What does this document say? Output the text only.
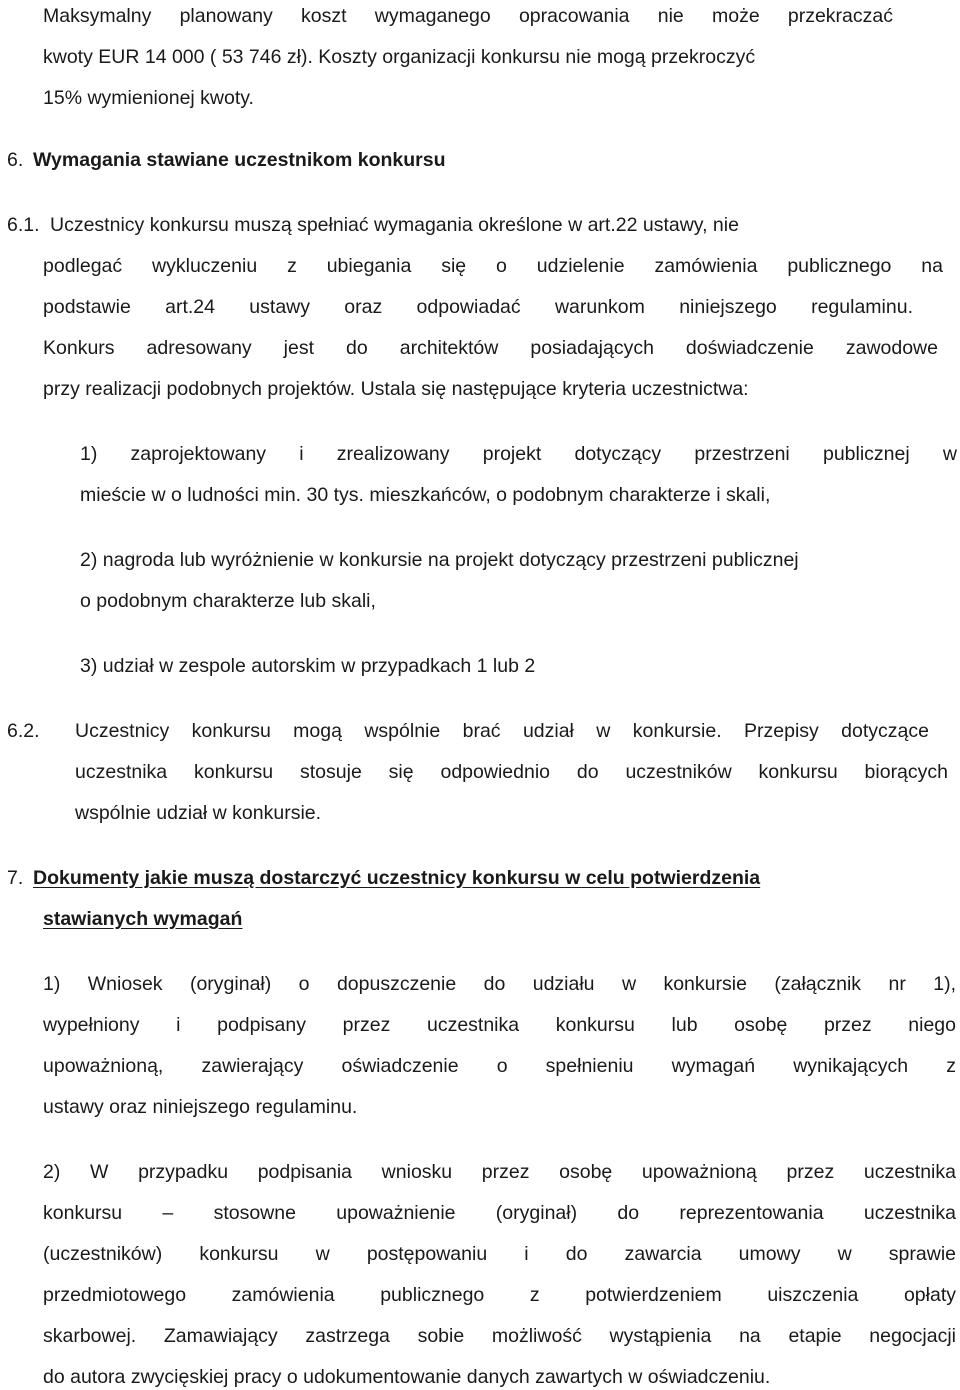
Maksymalny planowany koszt wymaganego opracowania nie może przekraczać
kwoty EUR 14 000 ( 53 746 zł). Koszty organizacji konkursu nie mogą przekroczyć
15% wymienionej kwoty.
6. Wymagania stawiane uczestnikom konkursu
6.1. Uczestnicy konkursu muszą spełniać wymagania określone w art.22 ustawy, nie
podlegać wykluczeniu z ubiegania się o udzielenie zamówienia publicznego na
podstawie art.24 ustawy oraz odpowiadać warunkom niniejszego regulaminu.
Konkurs adresowany jest do architektów posiadających doświadczenie zawodowe
przy realizacji podobnych projektów. Ustala się następujące kryteria uczestnictwa:
1) zaprojektowany i zrealizowany projekt dotyczący przestrzeni publicznej w
mieście w o ludności min. 30 tys. mieszkańców, o podobnym charakterze i skali,
2) nagroda lub wyróżnienie w konkursie na projekt dotyczący przestrzeni publicznej
o podobnym charakterze lub skali,
3) udział w zespole autorskim w przypadkach 1 lub 2
6.2. Uczestnicy konkursu mogą wspólnie brać udział w konkursie. Przepisy dotyczące
uczestnika konkursu stosuje się odpowiednio do uczestników konkursu biorących
wspólnie udział w konkursie.
7. Dokumenty jakie muszą dostarczyć uczestnicy konkursu w celu potwierdzenia
stawianych wymagań
1) Wniosek (oryginał) o dopuszczenie do udziału w konkursie (załącznik nr 1),
wypełniony i podpisany przez uczestnika konkursu lub osobę przez niego
upoważnioną, zawierający oświadczenie o spełnieniu wymagań wynikających z
ustawy oraz niniejszego regulaminu.
2) W przypadku podpisania wniosku przez osobę upoważnioną przez uczestnika
konkursu – stosowne upoważnienie (oryginał) do reprezentowania uczestnika
(uczestników) konkursu w postępowaniu i do zawarcia umowy w sprawie
przedmiotowego zamówienia publicznego z potwierdzeniem uiszczenia opłaty
skarbowej. Zamawiający zastrzega sobie możliwość wystąpienia na etapie negocjacji
do autora zwycięskiej pracy o udokumentowanie danych zawartych w oświadczeniu.
